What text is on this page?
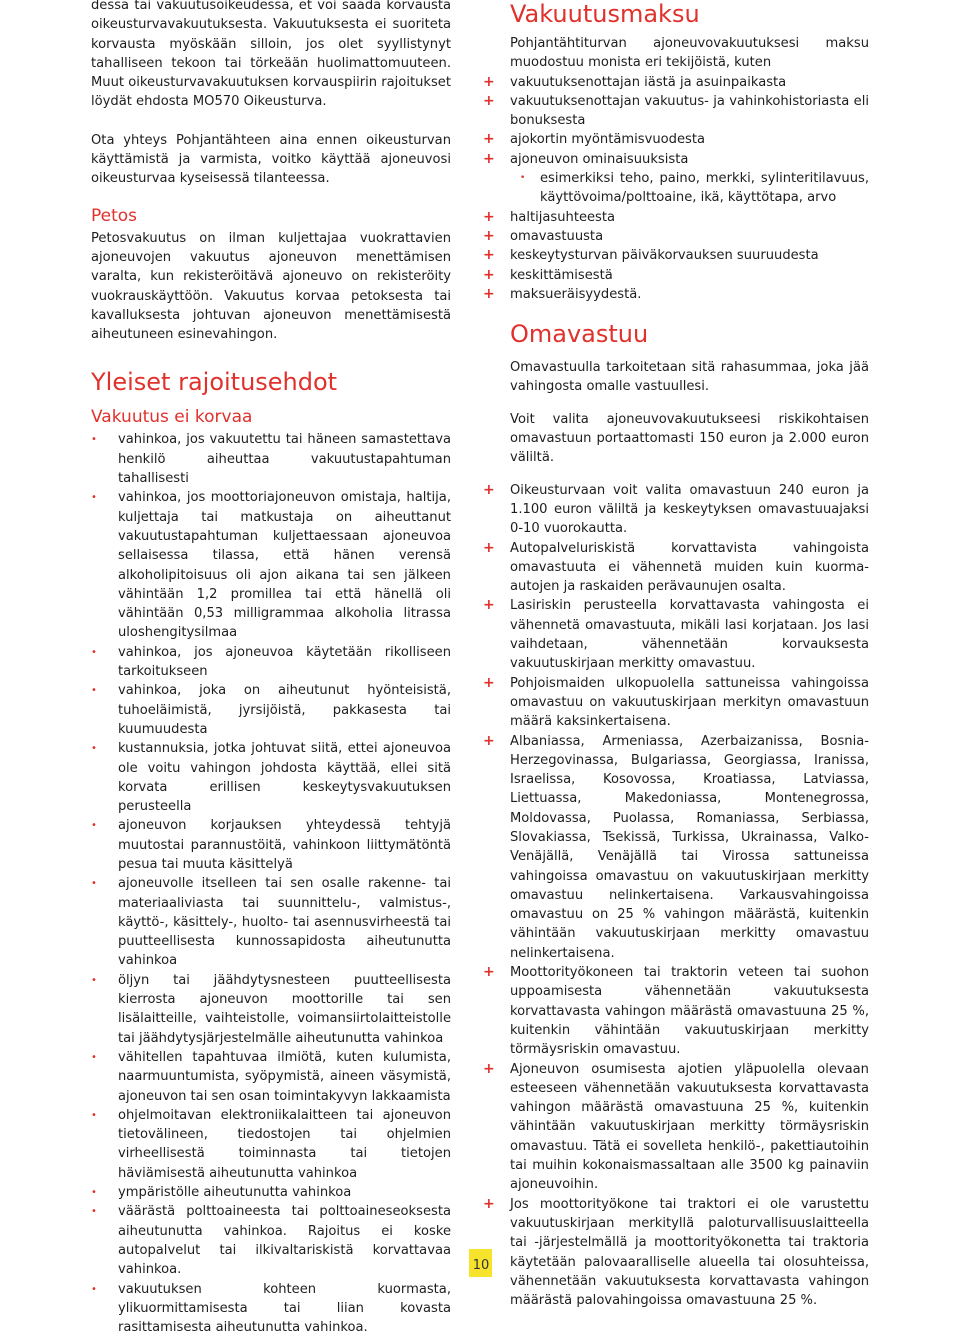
dessa tai vakuutusoikeudessa, et voi saada korvausta oikeusturvavakuutuksesta. Vakuutuksesta ei suoriteta korvausta myöskään silloin, jos olet syyllistynyt tahalliseen tekoon tai törkeään huolimattomuuteen. Muut oikeusturvavakuutuksen korvauspiirin rajoitukset löydät ehdosta MO570 Oikeusturva.

Ota yhteys Pohjantähteen aina ennen oikeusturvan käyttämistä ja varmista, voitko käyttää ajoneuvosi oikeusturvaa kyseisessä tilanteessa.

Petos

Petosvakuutus on ilman kuljettajaa vuokrattavien ajoneuvojen vakuutus ajoneuvon menettämisen varalta, kun rekisteröitävä ajoneuvo on rekisteröity vuokrauskäyttöön. Vakuutus korvaa petoksesta tai kavalluksesta johtuvan ajoneuvon menettämisestä aiheutuneen esinevahingon.

Yleiset rajoitusehdot
Vakuutus ei korvaa
• vahinkoa, jos vakuutettu tai häneen samastettava henkilö aiheuttaa vakuutustapahtuman tahallisesti
• vahinkoa, jos moottoriajoneuvon omistaja, haltija, kuljettaja tai matkustaja on aiheuttanut vakuutustapahtuman kuljettaessaan ajoneuvoa sellaisessa tilassa, että hänen verensä alkoholipitoisuus oli ajon aikana tai sen jälkeen vähintään 1,2 promillea tai että hänellä oli vähintään 0,53 milligrammaa alkoholia litrassa uloshengitysilmaa
• vahinkoa, jos ajoneuvoa käytetään rikolliseen tarkoitukseen
• vahinkoa, joka on aiheutunut hyönteisistä, tuhoeläimistä, jyrsijöistä, pakkasesta tai kuumuudesta
• kustannuksia, jotka johtuvat siitä, ettei ajoneuvoa ole voitu vahingon johdosta käyttää, ellei sitä korvata erillisen keskeytysvakuutuksen perusteella
• ajoneuvon korjauksen yhteydessä tehtyjä muutostai parannustöitä, vahinkoon liittymätöntä pesua tai muuta käsittelyä
• ajoneuvolle itselleen tai sen osalle rakenne- tai materiaaliviasta tai suunnittelu-, valmistus-, käyttö-, käsittely-, huolto- tai asennusvirheestä tai puutteellisesta kunnossapidosta aiheutunutta vahinkoa
• öljyn tai jäähdytysnesteen puutteellisesta kierrosta ajoneuvon moottorille tai sen lisälaitteille, vaihteistolle, voimansiirtolaitteistolle tai jäähdytysjärjestelmälle aiheutunutta vahinkoa
• vähitellen tapahtuvaa ilmiötä, kuten kulumista, naarmuuntumista, syöpymistä, aineen väsymistä, ajoneuvon tai sen osan toimintakyvyn lakkaamista
• ohjelmoitavan elektroniikalaitteen tai ajoneuvon tietovälineen, tiedostojen tai ohjelmien virheellisestä toiminnasta tai tietojen häviämisestä aiheutunutta vahinkoa
• ympäristölle aiheutunutta vahinkoa
• väärästä polttoaineesta tai polttoaineseoksesta aiheutunutta vahinkoa. Rajoitus ei koske autopalvelut tai ilkivaltariskistä korvattavaa vahinkoa.
• vakuutuksen kohteen kuormasta, ylikuormittamisesta tai liian kovasta rasittamisesta aiheutunutta vahinkoa.
Vakuutusmaksu

Pohjantähtiturvan ajoneuvovakuutuksesi maksu muodostuu monista eri tekijöistä, kuten

+ vakuutuksenottajan iästä ja asuinpaikasta
+ vakuutuksenottajan vakuutus- ja vahinkohistoriasta eli bonuksesta
+ ajokortin myöntämisvuodesta
+ ajoneuvon ominaisuuksista
• esimerkiksi teho, paino, merkki, sylinteritilavuus, käyttövoima/polttoaine, ikä, käyttötapa, arvo
+ haltijasuhteesta
+ omavastuusta
+ keskeytysturvan päiväkorvauksen suuruudesta
+ keskittämisestä
+ maksueräisyydestä.
Omavastuu

Omavastuulla tarkoitetaan sitä rahasummaa, joka jää vahingosta omalle vastuullesi.

Voit valita ajoneuvovakuutukseesi riskikohtaisen omavastuun portaattomasti 150 euron ja 2.000 euron väliltä.

+ Oikeusturvaan voit valita omavastuun 240 euron ja 1.100 euron väliltä ja keskeytyksen omavastuuajaksi 0-10 vuorokautta.
+ Autopalveluriskistä korvattavista vahingoista omavastuuta ei vähennetä muiden kuin kuorma-autojen ja raskaiden perävaunujen osalta.
+ Lasiriskin perusteella korvattavasta vahingosta ei vähennetä omavastuuta, mikäli lasi korjataan. Jos lasi vaihdetaan, vähennetään korvauksesta vakuutuskirjaan merkitty omavastuu.
+ Pohjoismaiden ulkopuolella sattuneissa vahingoissa omavastuu on vakuutuskirjaan merkityn omavastuun määrä kaksinkertaisena.
+ Albaniassa, Armeniassa, Azerbaizanissa, Bosnia-Herzegovinassa, Bulgariassa, Georgiassa, Iranissa, Israelissa, Kosovossa, Kroatiassa, Latviassa, Liettuassa, Makedoniassa, Montenegrossa, Moldovassa, Puolassa, Romaniassa, Serbiassa, Slovakiassa, Tsekissä, Turkissa, Ukrainassa, Valko-Venäjällä, Venäjällä tai Virossa sattuneissa vahingoissa omavastuu on vakuutuskirjaan merkitty omavastuu nelinkertaisena. Varkausvahingoissa omavastuu on 25 % vahingon määrästä, kuitenkin vähintään vakuutuskirjaan merkitty omavastuu nelinkertaisena.
+ Moottorityökoneen tai traktorin veteen tai suohon uppoamisesta vähennetään vakuutuksesta korvattavasta vahingon määrästä omavastuuna 25 %, kuitenkin vähintään vakuutuskirjaan merkitty törmäysriskin omavastuu.
+ Ajoneuvon osumisesta ajotien yläpuolella olevaan esteeseen vähennetään vakuutuksesta korvattavasta vahingon määrästä omavastuuna 25 %, kuitenkin vähintään vakuutuskirjaan merkitty törmäysriskin omavastuu. Tätä ei sovelleta henkilö-, pakettiautoihin tai muihin kokonaismassaltaan alle 3500 kg painaviin ajoneuvoihin.
+ Jos moottorityökone tai traktori ei ole varustettu vakuutuskirjaan merkityllä paloturvallisuuslaitteella tai -järjestelmällä ja moottorityökonetta tai traktoria käytetään palovaaralliselle alueella tai olosuhteissa, vähennetään vakuutuksesta korvattavasta vahingon määrästä palovahingoissa omavastuuna 25 %.
10
